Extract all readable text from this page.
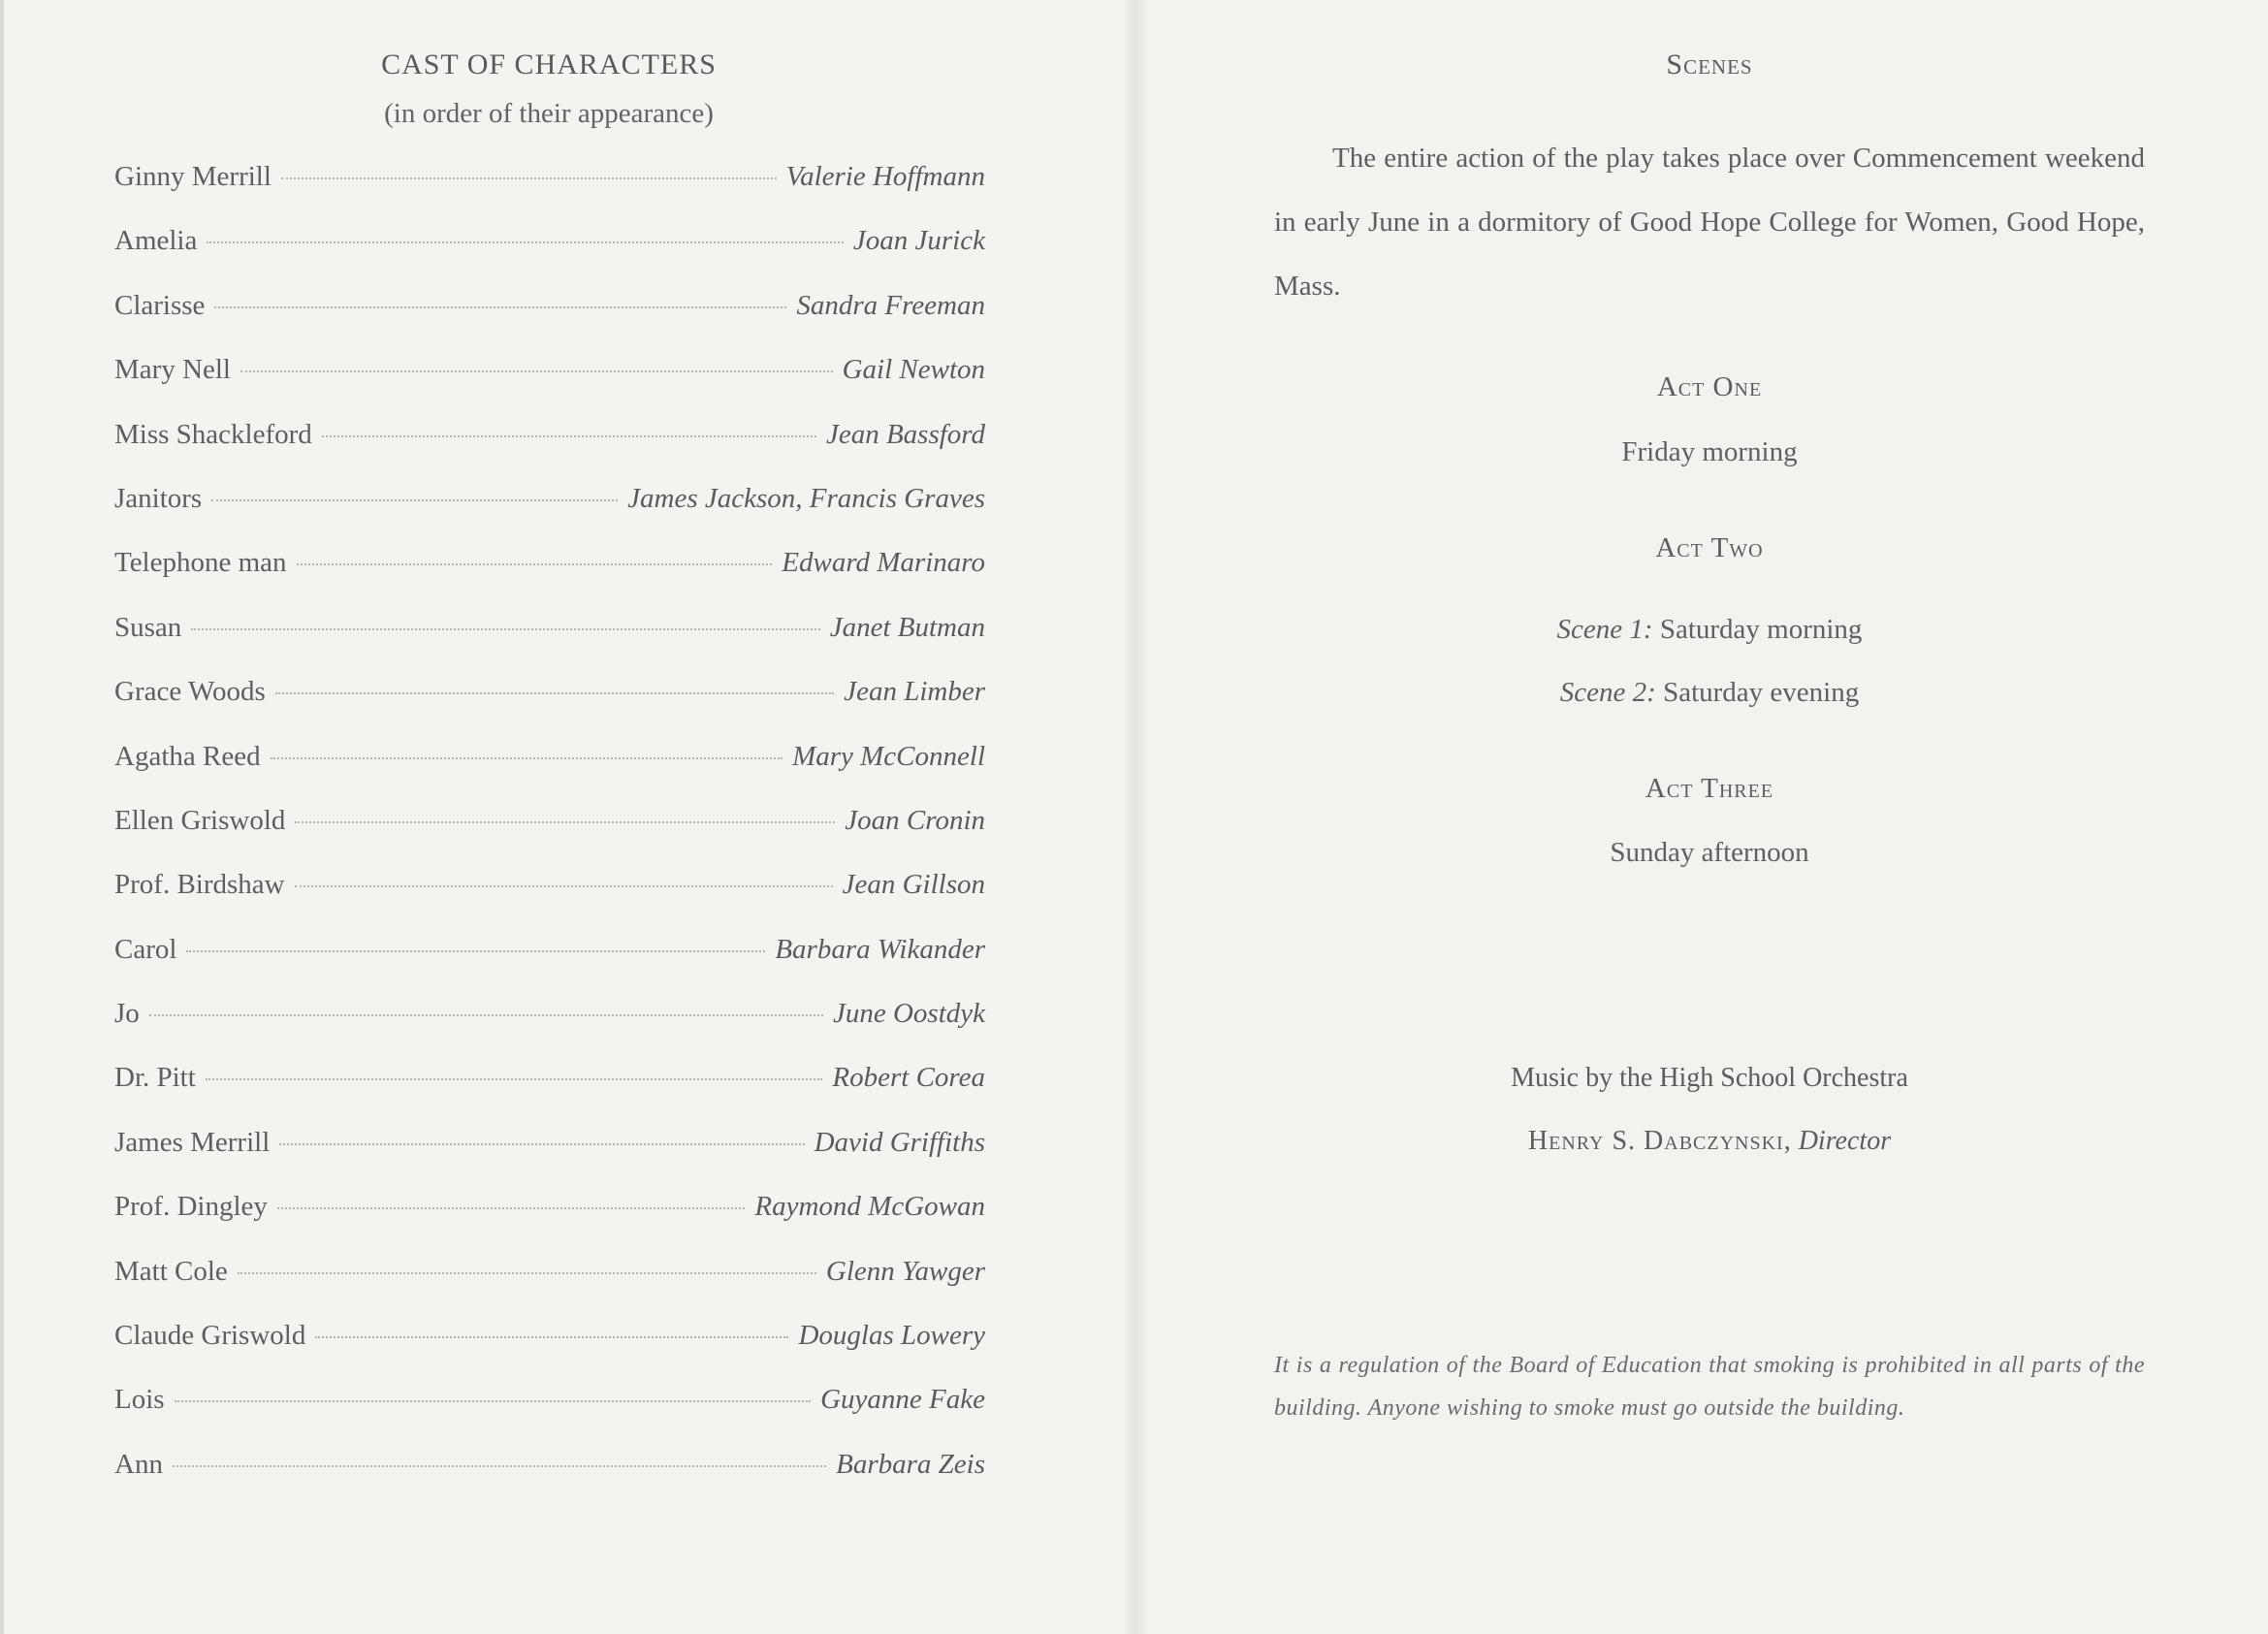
CAST OF CHARACTERS
(in order of their appearance)
Ginny Merrill	Valerie Hoffmann
Amelia	Joan Jurick
Clarisse	Sandra Freeman
Mary Nell	Gail Newton
Miss Shackleford	Jean Bassford
Janitors	James Jackson, Francis Graves
Telephone man	Edward Marinaro
Susan	Janet Butman
Grace Woods	Jean Limber
Agatha Reed	Mary McConnell
Ellen Griswold	Joan Cronin
Prof. Birdshaw	Jean Gillson
Carol	Barbara Wikander
Jo	June Oostdyk
Dr. Pitt	Robert Corea
James Merrill	David Griffiths
Prof. Dingley	Raymond McGowan
Matt Cole	Glenn Yawger
Claude Griswold	Douglas Lowery
Lois	Guyanne Fake
Ann	Barbara Zeis
Scenes
The entire action of the play takes place over Commencement weekend in early June in a dormitory of Good Hope College for Women, Good Hope, Mass.
Act One
Friday morning
Act Two
Scene 1: Saturday morning
Scene 2: Saturday evening
Act Three
Sunday afternoon
Music by the High School Orchestra
Henry S. Dabczynski, Director
It is a regulation of the Board of Education that smoking is prohibited in all parts of the building. Anyone wishing to smoke must go outside the building.
